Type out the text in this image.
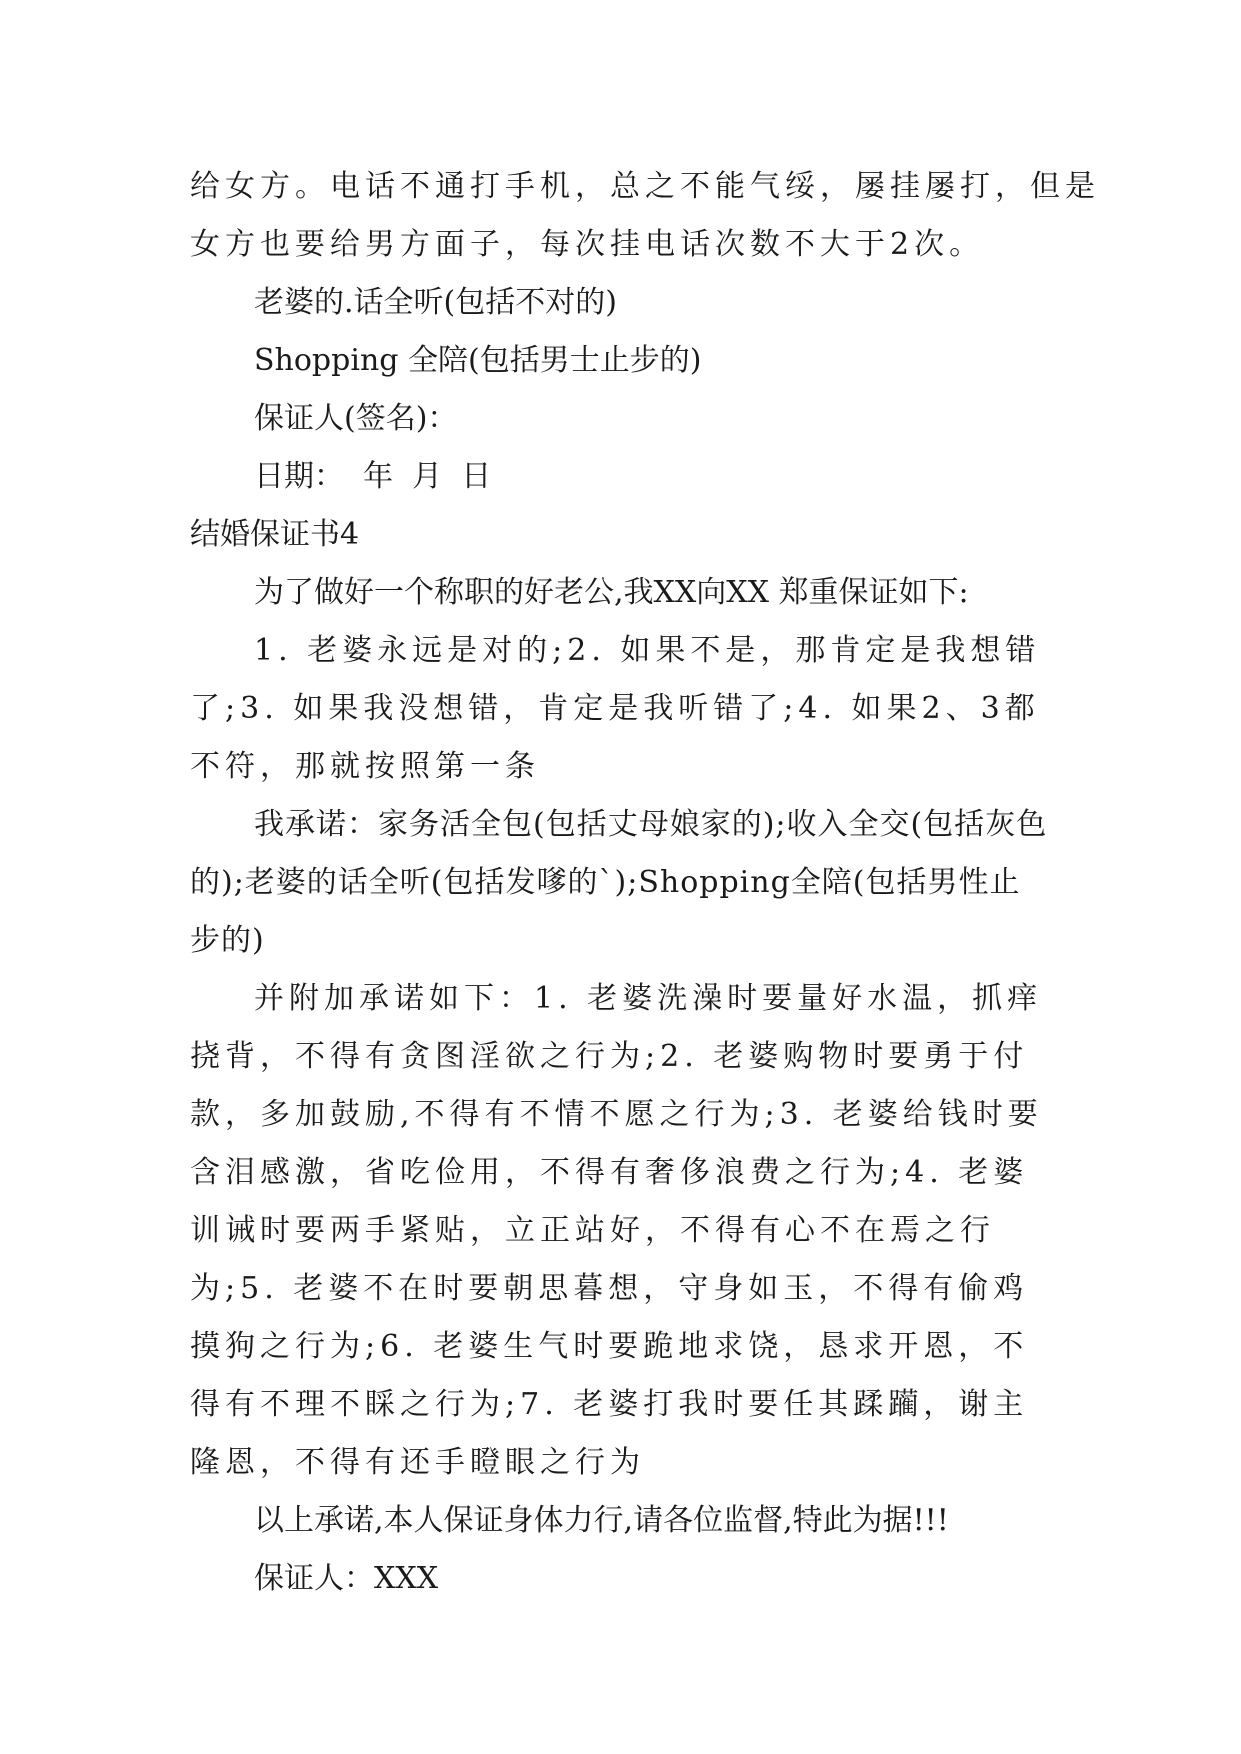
给女方。电话不通打手机，总之不能气绥，屡挂屡打，但是

女方也要给男方面子，每次挂电话次数不大于2次。

老婆的.话全听(包括不对的)

Shopping 全陪(包括男士止步的)

保证人(签名)：

日期：  年  月  日

结婚保证书4

为了做好一个称职的好老公,我XX向XX 郑重保证如下:

1. 老婆永远是对的;2. 如果不是，那肯定是我想错了;3. 如果我没想错，肯定是我听错了;4. 如果2、3都不符，那就按照第一条

我承诺：家务活全包(包括丈母娘家的);收入全交(包括灰色的);老婆的话全听(包括发嗲的`);Shopping全陪(包括男性止步的)

并附加承诺如下：1. 老婆洗澡时要量好水温，抓痒挠背，不得有贪图淫欲之行为;2. 老婆购物时要勇于付款，多加鼓励,不得有不情不愿之行为;3. 老婆给钱时要含泪感激，省吃俭用，不得有奢侈浪费之行为;4. 老婆训诫时要两手紧贴，立正站好，不得有心不在焉之行为;5. 老婆不在时要朝思暮想，守身如玉，不得有偷鸡摸狗之行为;6. 老婆生气时要跪地求饶，恳求开恩，不得有不理不睬之行为;7. 老婆打我时要任其蹂躏，谢主隆恩，不得有还手瞪眼之行为

以上承诺,本人保证身体力行,请各位监督,特此为据!!!

保证人：XXX
